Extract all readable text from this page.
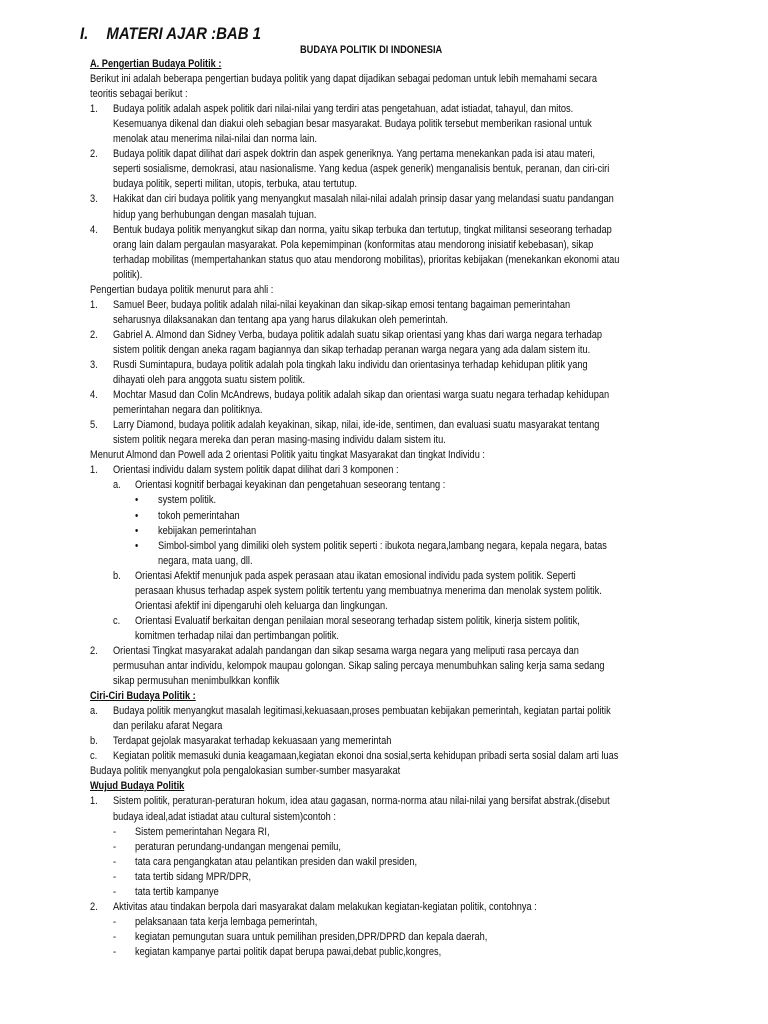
I. MATERI AJAR :BAB 1
BUDAYA POLITIK DI INDONESIA
A. Pengertian Budaya Politik :
Berikut ini adalah beberapa pengertian budaya politik yang dapat dijadikan sebagai pedoman untuk lebih memahami secara
teoritis sebagai berikut :
1. Budaya politik adalah aspek politik dari nilai-nilai yang terdiri atas pengetahuan, adat istiadat, tahayul, dan mitos.
Kesemuanya dikenal dan diakui oleh sebagian besar masyarakat. Budaya politik tersebut memberikan rasional untuk
menolak atau menerima nilai-nilai dan norma lain.
2. Budaya politik dapat dilihat dari aspek doktrin dan aspek generiknya. Yang pertama menekankan pada isi atau materi,
seperti sosialisme, demokrasi, atau nasionalisme. Yang kedua (aspek generik) menganalisis bentuk, peranan, dan ciri-ciri
budaya politik, seperti militan, utopis, terbuka, atau tertutup.
3. Hakikat dan ciri budaya politik yang menyangkut masalah nilai-nilai adalah prinsip dasar yang melandasi suatu pandangan
hidup yang berhubungan dengan masalah tujuan.
4. Bentuk budaya politik menyangkut sikap dan norma, yaitu sikap terbuka dan tertutup, tingkat militansi seseorang terhadap
orang lain dalam pergaulan masyarakat. Pola kepemimpinan (konformitas atau mendorong inisiatif kebebasan), sikap
terhadap mobilitas (mempertahankan status quo atau mendorong mobilitas), prioritas kebijakan (menekankan ekonomi atau
politik).
Pengertian budaya politik menurut para ahli :
1. Samuel Beer, budaya politik adalah nilai-nilai keyakinan dan sikap-sikap emosi tentang bagaiman pemerintahan
seharusnya dilaksanakan dan tentang apa yang harus dilakukan oleh pemerintah.
2. Gabriel A. Almond dan Sidney Verba, budaya politik adalah suatu sikap orientasi yang khas dari warga negara terhadap
sistem politik dengan aneka ragam bagiannya dan sikap terhadap peranan warga negara yang ada dalam sistem itu.
3. Rusdi Sumintapura, budaya politik adalah pola tingkah laku individu dan orientasinya terhadap kehidupan plitik yang
dihayati oleh para anggota suatu sistem politik.
4. Mochtar Masud dan Colin McAndrews, budaya politik adalah sikap dan orientasi warga suatu negara terhadap kehidupan
pemerintahan negara dan politiknya.
5. Larry Diamond, budaya politik adalah keyakinan, sikap, nilai, ide-ide, sentimen, dan evaluasi suatu masyarakat tentang
sistem politik negara mereka dan peran masing-masing individu dalam sistem itu.
Menurut Almond dan Powell ada 2 orientasi Politik yaitu tingkat Masyarakat dan tingkat Individu :
1. Orientasi individu dalam system politik dapat dilihat dari 3 komponen :
a. Orientasi kognitif berbagai keyakinan dan pengetahuan seseorang tentang :
• system politik.
• tokoh pemerintahan
• kebijakan pemerintahan
• Simbol-simbol yang dimiliki oleh system politik seperti : ibukota negara,lambang negara, kepala negara, batas
negara, mata uang, dll.
b. Orientasi Afektif menunjuk pada aspek perasaan atau ikatan emosional individu pada system politik. Seperti
perasaan khusus terhadap aspek system politik tertentu yang membuatnya menerima dan menolak system politik.
Orientasi afektif ini dipengaruhi oleh keluarga dan lingkungan.
c. Orientasi Evaluatif berkaitan dengan penilaian moral seseorang terhadap sistem politik, kinerja sistem politik,
komitmen terhadap nilai dan pertimbangan politik.
2. Orientasi Tingkat masyarakat adalah pandangan dan sikap sesama warga negara yang meliputi rasa percaya dan
permusuhan antar individu, kelompok maupau golongan. Sikap saling percaya menumbuhkan saling kerja sama sedang
sikap permusuhan menimbulkkan konflik
Ciri-Ciri Budaya Politik :
a. Budaya politik menyangkut masalah legitimasi,kekuasaan,proses pembuatan kebijakan pemerintah, kegiatan partai politik
dan perilaku afarat Negara
b. Terdapat gejolak masyarakat terhadap kekuasaan yang memerintah
c. Kegiatan politik memasuki dunia keagamaan,kegiatan ekonoi dna sosial,serta kehidupan pribadi serta sosial dalam arti luas
Budaya politik menyangkut pola pengalokasian sumber-sumber masyarakat
Wujud Budaya Politik
1. Sistem politik, peraturan-peraturan hokum, idea atau gagasan, norma-norma atau nilai-nilai yang bersifat abstrak.(disebut
budaya ideal,adat istiadat atau cultural sistem)contoh :
- Sistem pemerintahan Negara RI,
- peraturan perundang-undangan mengenai pemilu,
- tata cara pengangkatan atau pelantikan presiden dan wakil presiden,
- tata tertib sidang MPR/DPR,
- tata tertib kampanye
2. Aktivitas atau tindakan berpola dari masyarakat dalam melakukan kegiatan-kegiatan politik, contohnya :
- pelaksanaan tata kerja lembaga pemerintah,
- kegiatan pemungutan suara untuk pemilihan presiden,DPR/DPRD dan kepala daerah,
- kegiatan kampanye partai politik dapat berupa pawai,debat public,kongres,
